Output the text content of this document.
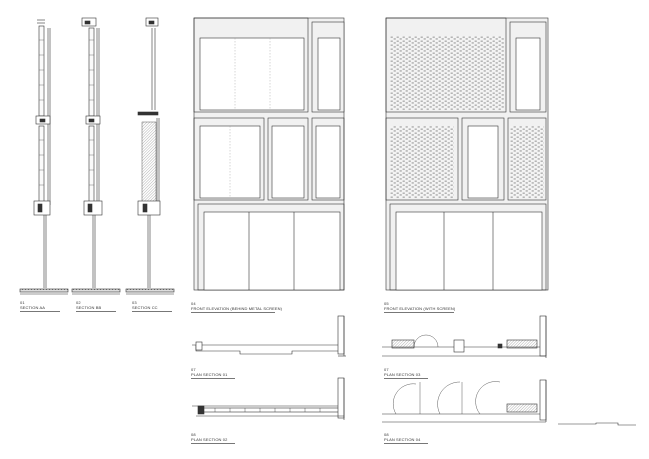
01
SECTION AA
02
SECTION BB
03
SECTION CC
04
FRONT ELEVATION (BEHIND METAL SCREEN)
05
FRONT ELEVATION (WITH SCREEN)
07
PLAN SECTION 01
07
PLAN SECTION 03
08
PLAN SECTION 02
08
PLAN SECTION 04
